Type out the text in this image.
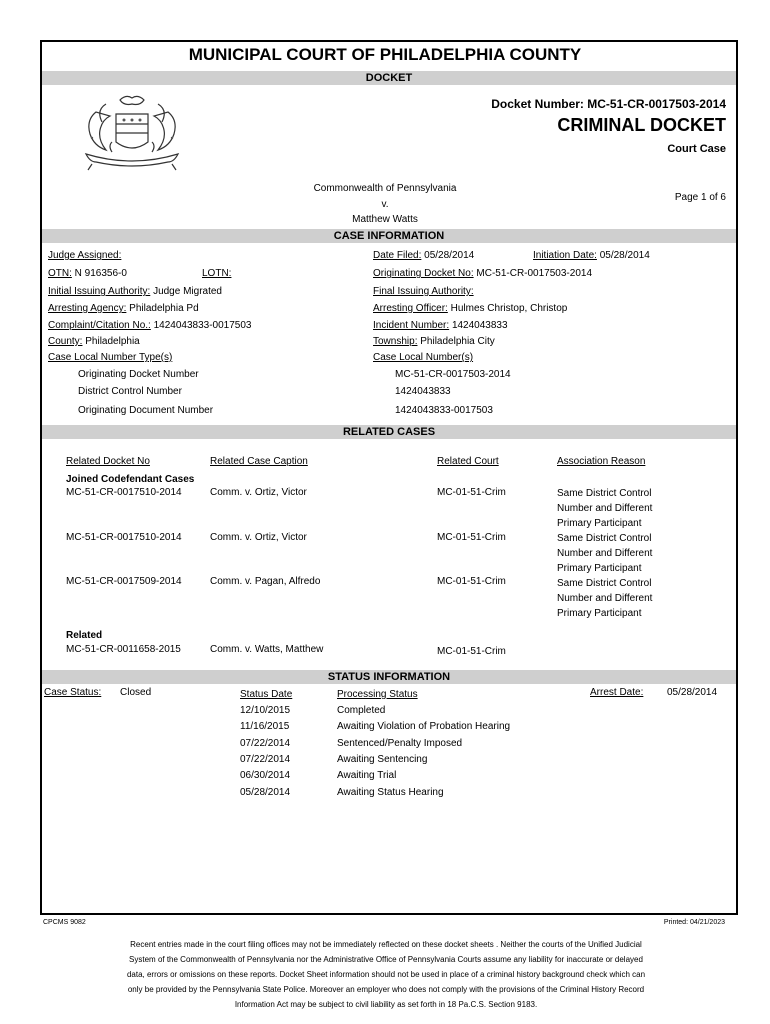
MUNICIPAL COURT OF PHILADELPHIA COUNTY
DOCKET
Docket Number: MC-51-CR-0017503-2014
CRIMINAL DOCKET
Court Case
Commonwealth of Pennsylvania
v.
Matthew Watts
Page 1 of 6
CASE INFORMATION
Judge Assigned:	Date Filed: 05/28/2014	Initiation Date: 05/28/2014
OTN: N 916356-0	LOTN:	Originating Docket No: MC-51-CR-0017503-2014
Initial Issuing Authority: Judge Migrated	Final Issuing Authority:
Arresting Agency: Philadelphia Pd	Arresting Officer: Hulmes Christop, Christop
Complaint/Citation No.: 1424043833-0017503	Incident Number: 1424043833
County: Philadelphia	Township: Philadelphia City
Case Local Number Type(s)	Case Local Number(s)
Originating Docket Number	MC-51-CR-0017503-2014
District Control Number	1424043833
Originating Document Number	1424043833-0017503
RELATED CASES
Related Docket No	Related Case Caption	Related Court	Association Reason
Joined Codefendant Cases
MC-51-CR-0017510-2014	Comm. v. Ortiz, Victor	MC-01-51-Crim	Same District Control
Number and Different
Primary Participant
MC-51-CR-0017510-2014	Comm. v. Ortiz, Victor	MC-01-51-Crim	Same District Control
Number and Different
Primary Participant
MC-51-CR-0017509-2014	Comm. v. Pagan, Alfredo	MC-01-51-Crim	Same District Control
Number and Different
Primary Participant
Related
MC-51-CR-0011658-2015	Comm. v. Watts, Matthew	MC-01-51-Crim
STATUS INFORMATION
Case Status: Closed	Status Date	Processing Status	Arrest Date: 05/28/2014
12/10/2015	Completed
11/16/2015	Awaiting Violation of Probation Hearing
07/22/2014	Sentenced/Penalty Imposed
07/22/2014	Awaiting Sentencing
06/30/2014	Awaiting Trial
05/28/2014	Awaiting Status Hearing
CPCMS 9082	Printed: 04/21/2023
Recent entries made in the court filing offices may not be immediately reflected on these docket sheets . Neither the courts of the Unified Judicial
System of the Commonwealth of Pennsylvania nor the Administrative Office of Pennsylvania Courts assume any liability for inaccurate or delayed
data, errors or omissions on these reports. Docket Sheet information should not be used in place of a criminal history background check which can
only be provided by the Pennsylvania State Police. Moreover an employer who does not comply with the provisions of the Criminal History Record
Information Act may be subject to civil liability as set forth in 18 Pa.C.S. Section 9183.
